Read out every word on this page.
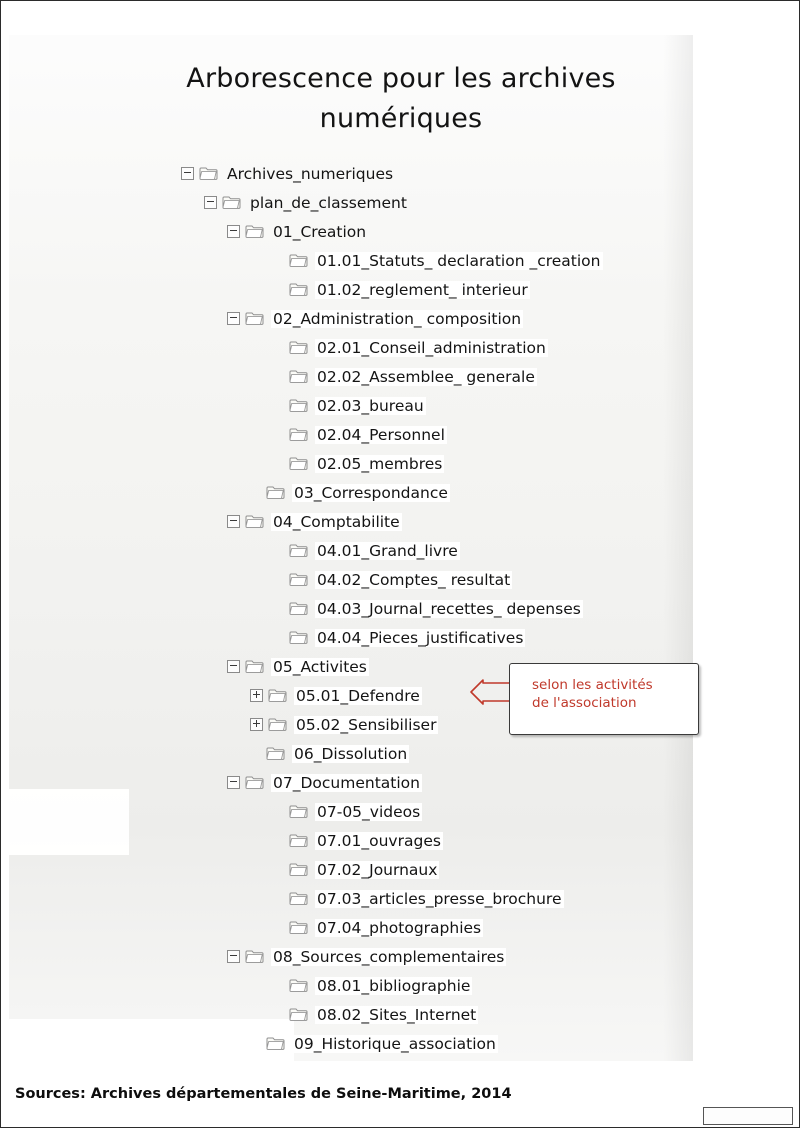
Arborescence pour les archives
numériques
Archives_numeriques
plan_de_classement
01_Creation
01.01_Statuts_ declaration _creation
01.02_reglement_ interieur
02_Administration_ composition
02.01_Conseil_administration
02.02_Assemblee_ generale
02.03_bureau
02.04_Personnel
02.05_membres
03_Correspondance
04_Comptabilite
04.01_Grand_livre
04.02_Comptes_ resultat
04.03_Journal_recettes_ depenses
04.04_Pieces_justificatives
05_Activites
05.01_Defendre
05.02_Sensibiliser
06_Dissolution
07_Documentation
07-05_videos
07.01_ouvrages
07.02_Journaux
07.03_articles_presse_brochure
07.04_photographies
08_Sources_complementaires
08.01_bibliographie
08.02_Sites_Internet
09_Historique_association
selon les activités
de l'association
Sources: Archives départementales de Seine-Maritime, 2014
